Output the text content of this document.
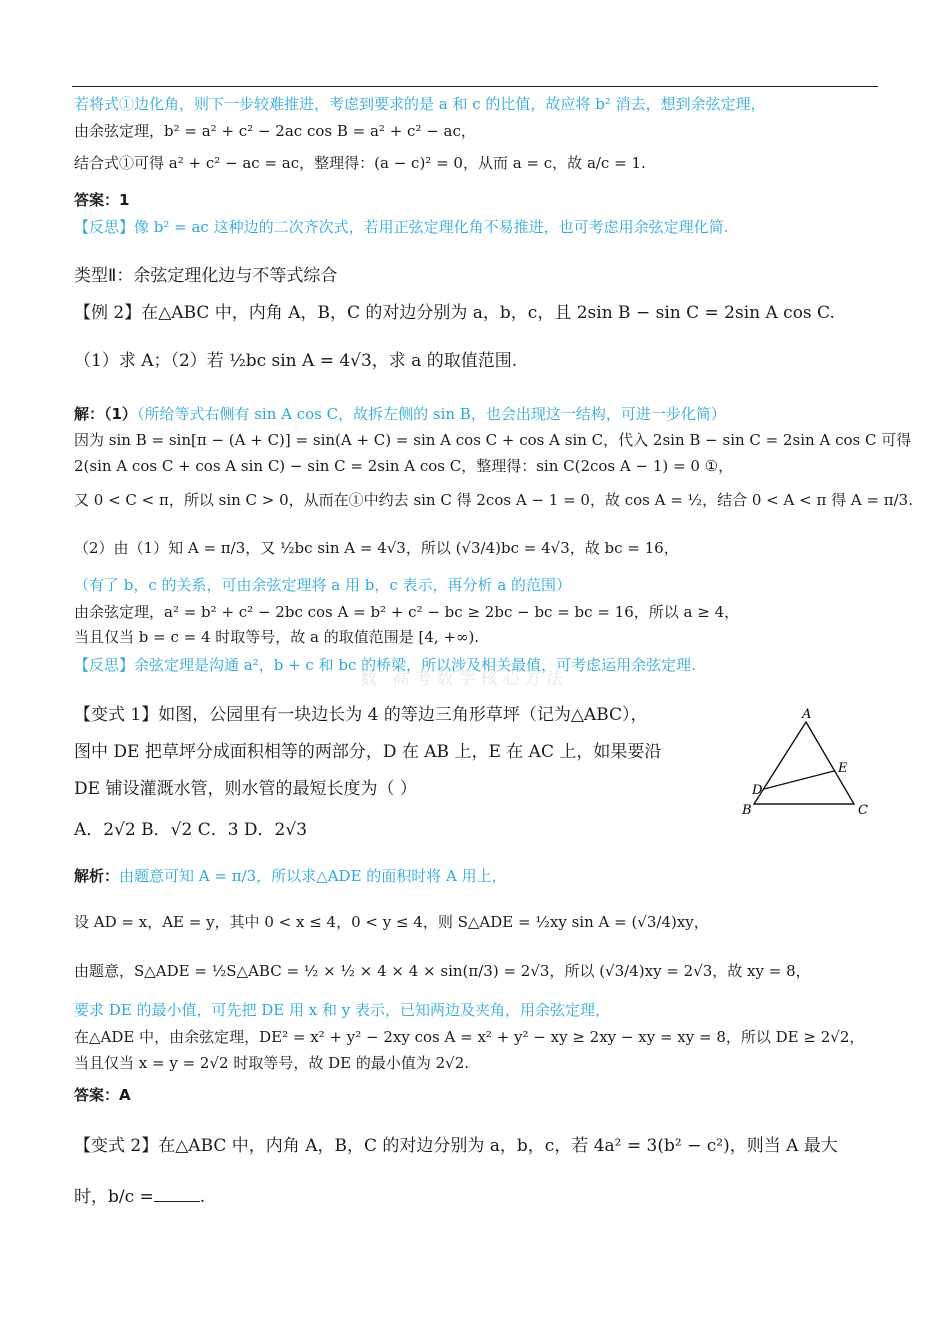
若将式①边化角，则下一步较难推进，考虑到要求的是 a 和 c 的比值，故应将 b² 消去，想到余弦定理，
由余弦定理，b² = a² + c² − 2ac cos B = a² + c² − ac，
结合式①可得 a² + c² − ac = ac，整理得：(a − c)² = 0，从而 a = c，故 a/c = 1.
答案：1
【反思】像 b² = ac 这种边的二次齐次式，若用正弦定理化角不易推进，也可考虑用余弦定理化简.
类型Ⅱ：余弦定理化边与不等式综合
【例 2】在△ABC 中，内角 A，B，C 的对边分别为 a，b，c，且 2sin B − sin C = 2sin A cos C.
（1）求 A；（2）若 ½bc sin A = 4√3，求 a 的取值范围.
解：（1）（所给等式右侧有 sin A cos C，故拆左侧的 sin B，也会出现这一结构，可进一步化简）
因为 sin B = sin[π − (A + C)] = sin(A + C) = sin A cos C + cos A sin C，代入 2sin B − sin C = 2sin A cos C 可得
2(sin A cos C + cos A sin C) − sin C = 2sin A cos C，整理得：sin C(2cos A − 1) = 0 ①，
又 0 < C < π，所以 sin C > 0，从而在①中约去 sin C 得 2cos A − 1 = 0，故 cos A = ½，结合 0 < A < π 得 A = π/3.
（2）由（1）知 A = π/3，又 ½bc sin A = 4√3，所以 (√3/4)bc = 4√3，故 bc = 16，
（有了 b，c 的关系，可由余弦定理将 a 用 b，c 表示，再分析 a 的范围）
由余弦定理，a² = b² + c² − 2bc cos A = b² + c² − bc ≥ 2bc − bc = bc = 16，所以 a ≥ 4，
当且仅当 b = c = 4 时取等号，故 a 的取值范围是 [4, +∞).
【反思】余弦定理是沟通 a²，b + c 和 bc 的桥梁，所以涉及相关最值，可考虑运用余弦定理.
数 高考数学核心方法
【变式 1】如图，公园里有一块边长为 4 的等边三角形草坪（记为△ABC），
图中 DE 把草坪分成面积相等的两部分，D 在 AB 上，E 在 AC 上，如果要沿
DE 铺设灌溉水管，则水管的最短长度为（ ）
A．2√2 B．√2 C．3 D．2√3
A
B	C
D
E
解析：由题意可知 A = π/3，所以求△ADE 的面积时将 A 用上，
设 AD = x，AE = y，其中 0 < x ≤ 4，0 < y ≤ 4，则 S△ADE = ½xy sin A = (√3/4)xy，
由题意，S△ADE = ½S△ABC = ½ × ½ × 4 × 4 × sin(π/3) = 2√3，所以 (√3/4)xy = 2√3，故 xy = 8，
要求 DE 的最小值，可先把 DE 用 x 和 y 表示，已知两边及夹角，用余弦定理，
在△ADE 中，由余弦定理，DE² = x² + y² − 2xy cos A = x² + y² − xy ≥ 2xy − xy = xy = 8，所以 DE ≥ 2√2，
当且仅当 x = y = 2√2 时取等号，故 DE 的最小值为 2√2.
答案：A
【变式 2】在△ABC 中，内角 A，B，C 的对边分别为 a，b，c，若 4a² = 3(b² − c²)，则当 A 最大
时，b/c =	.
